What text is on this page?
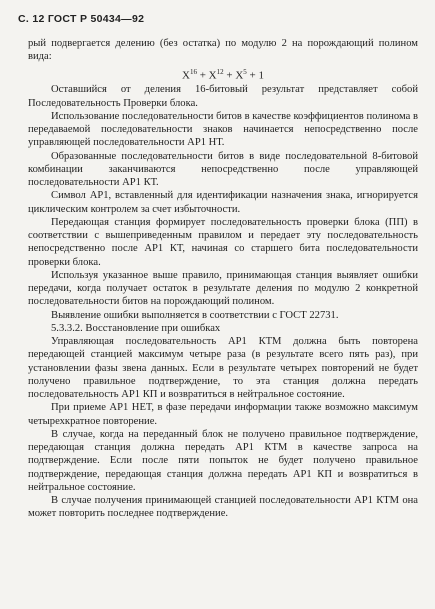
С. 12 ГОСТ Р 50434—92

рый подвергается делению (без остатка) по модулю 2 на порождающий полином вида:

$X^{16} + X^{12} + X^5 + 1$

Оставшийся от деления 16-битовый результат представляет собой Последовательность Проверки блока.

Использование последовательности битов в качестве коэффициентов полинома в передаваемой последовательности знаков начинается непосредственно после управляющей последовательности АР1 НТ.

Образованные последовательности битов в виде последовательной 8-битовой комбинации заканчиваются непосредственно после управляющей последовательности АР1 КТ.

Символ АР1, вставленный для идентификации назначения знака, игнорируется циклическим контролем за счет избыточности.

Передающая станция формирует последовательность проверки блока (ПП) в соответствии с вышеприведенным правилом и передает эту последовательность непосредственно после АР1 КТ, начиная со старшего бита последовательности проверки блока.

Используя указанное выше правило, принимающая станция выявляет ошибки передачи, когда получает остаток в результате деления по модулю 2 конкретной последовательности битов на порождающий полином.

Выявление ошибки выполняется в соответствии с ГОСТ 22731.

5.3.3.2. Восстановление при ошибках

Управляющая последовательность АР1 КТМ должна быть повторена передающей станцией максимум четыре раза (в результате всего пять раз), при установлении фазы звена данных. Если в результате четырех повторений не будет получено правильное подтверждение, то эта станция должна передать последовательность АР1 КП и возвратиться в нейтральное состояние.

При приеме АР1 НЕТ, в фазе передачи информации также возможно максимум четырехкратное повторение.

В случае, когда на переданный блок не получено правильное подтверждение, передающая станция должна передать АР1 КТМ в качестве запроса на подтверждение. Если после пяти попыток не будет получено правильное подтверждение, передающая станция должна передать АР1 КП и возвратиться в нейтральное состояние.

В случае получения принимающей станцией последовательности АР1 КТМ она может повторить последнее подтверждение.
